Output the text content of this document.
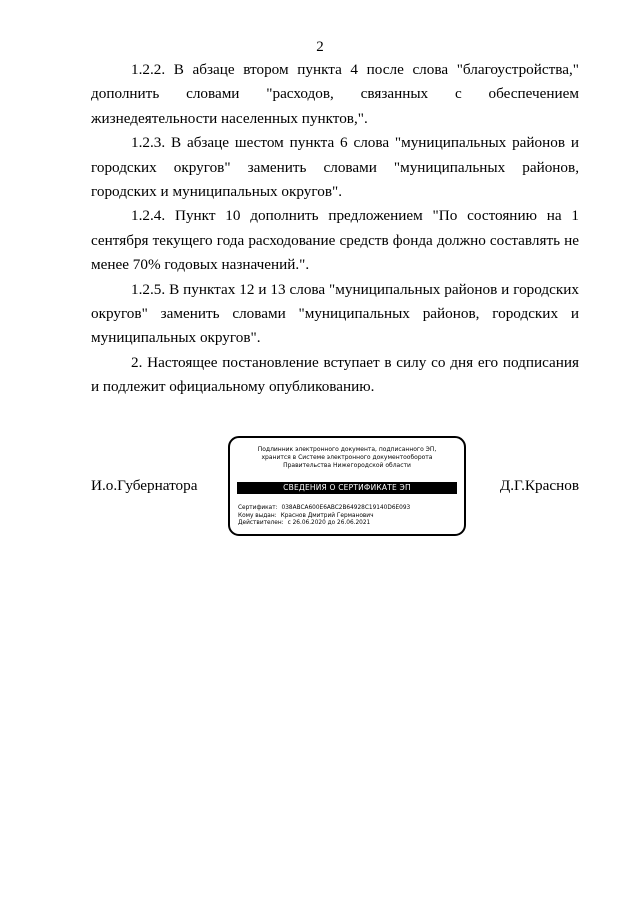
2

1.2.2. В абзаце втором пункта 4 после слова "благоустройства," дополнить словами "расходов, связанных с обеспечением жизнедеятельности населенных пунктов,".

1.2.3. В абзаце шестом пункта 6 слова "муниципальных районов и городских округов" заменить словами "муниципальных районов, городских и муниципальных округов".

1.2.4. Пункт 10 дополнить предложением "По состоянию на 1 сентября текущего года расходование средств фонда должно составлять не менее 70% годовых назначений.".

1.2.5. В пунктах 12 и 13 слова "муниципальных районов и городских округов" заменить словами "муниципальных районов, городских и муниципальных округов".

2. Настоящее постановление вступает в силу со дня его подписания и подлежит официальному опубликованию.

И.о.Губернатора
Подлинник электронного документа, подписанного ЭП,
хранится в Системе электронного документооборота
Правительства Нижегородской области
СВЕДЕНИЯ О СЕРТИФИКАТЕ ЭП
Сертификат: 038ABCA600E6ABC2B64928C19140D6E093
Кому выдан: Краснов Дмитрий Германович
Действителен: с 26.06.2020 до 26.06.2021
Д.Г.Краснов
